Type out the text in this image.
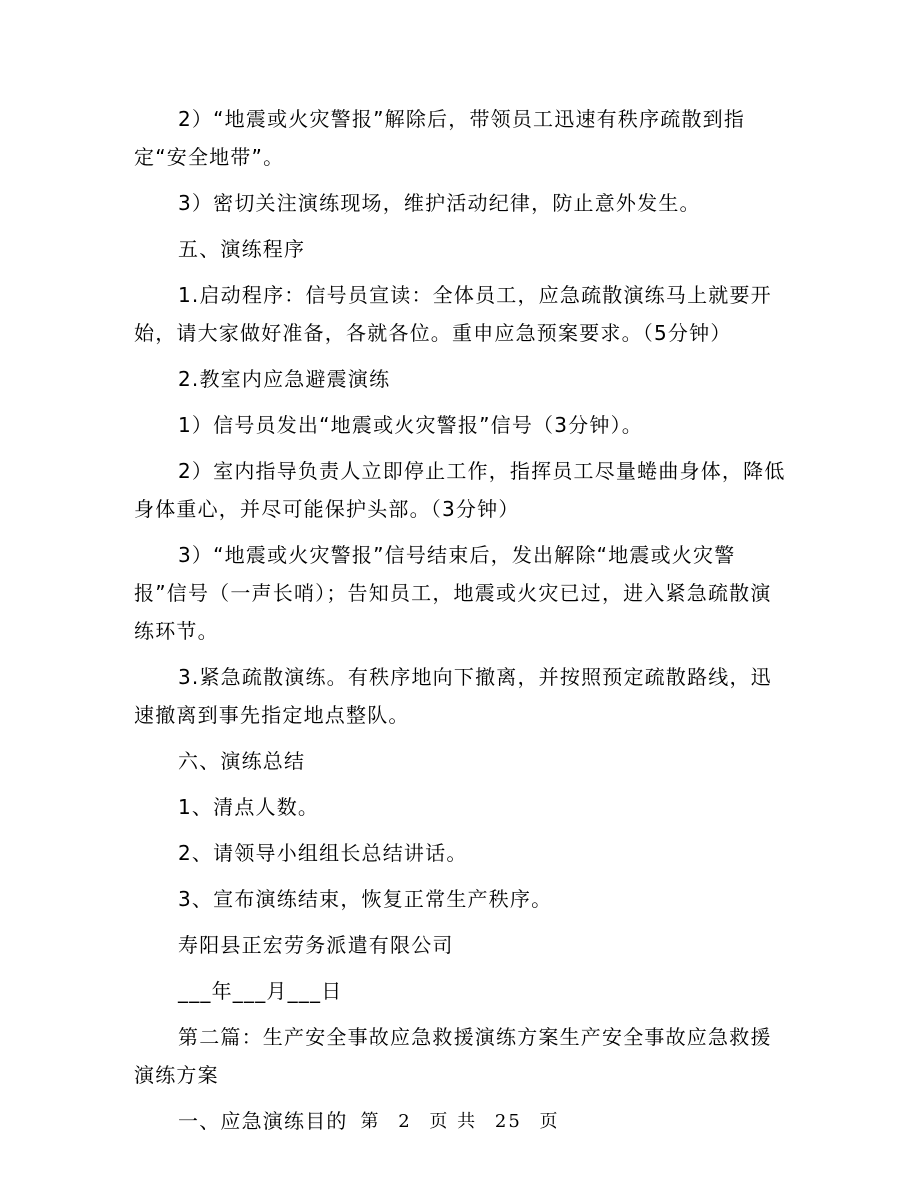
2）“地震或火灾警报”解除后，带领员工迅速有秩序疏散到指定“安全地带”。

3）密切关注演练现场，维护活动纪律，防止意外发生。

五、演练程序

1.启动程序：信号员宣读：全体员工，应急疏散演练马上就要开始，请大家做好准备，各就各位。重申应急预案要求。（5分钟）

2.教室内应急避震演练

1）信号员发出“地震或火灾警报”信号（3分钟）。

2）室内指导负责人立即停止工作，指挥员工尽量蜷曲身体，降低身体重心，并尽可能保护头部。（3分钟）

3）“地震或火灾警报”信号结束后，发出解除“地震或火灾警报”信号（一声长哨）；告知员工，地震或火灾已过，进入紧急疏散演练环节。

3.紧急疏散演练。有秩序地向下撤离，并按照预定疏散路线，迅速撤离到事先指定地点整队。

六、演练总结

1、清点人数。

2、请领导小组组长总结讲话。

3、宣布演练结束，恢复正常生产秩序。

寿阳县正宏劳务派遣有限公司

___年___月___日

第二篇：生产安全事故应急救援演练方案生产安全事故应急救援演练方案

一、应急演练目的 第 2 页 共 25 页
